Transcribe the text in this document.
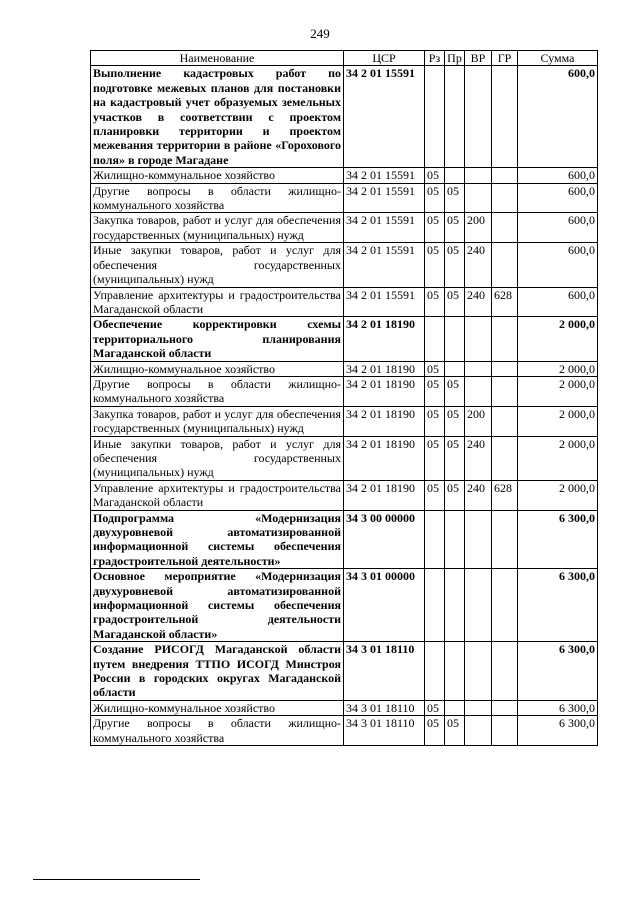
249
Наименование	ЦСР	Рз	Пр	ВР	ГР	Сумма
Выполнение кадастровых работ по подготовке межевых планов для постановки на кадастровый учет образуемых земельных участков в соответствии с проектом планировки территории и проектом межевания территории в районе «Горохового поля» в городе Магадане	34 2 01 15591					600,0
Жилищно-коммунальное хозяйство	34 2 01 15591	05				600,0
Другие вопросы в области жилищно-коммунального хозяйства	34 2 01 15591	05	05			600,0
Закупка товаров, работ и услуг для обеспечения государственных (муниципальных) нужд	34 2 01 15591	05	05	200		600,0
Иные закупки товаров, работ и услуг для обеспечения государственных (муниципальных) нужд	34 2 01 15591	05	05	240		600,0
Управление архитектуры и градостроительства Магаданской области	34 2 01 15591	05	05	240	628	600,0
Обеспечение корректировки схемы территориального планирования Магаданской области	34 2 01 18190					2 000,0
Жилищно-коммунальное хозяйство	34 2 01 18190	05				2 000,0
Другие вопросы в области жилищно-коммунального хозяйства	34 2 01 18190	05	05			2 000,0
Закупка товаров, работ и услуг для обеспечения государственных (муниципальных) нужд	34 2 01 18190	05	05	200		2 000,0
Иные закупки товаров, работ и услуг для обеспечения государственных (муниципальных) нужд	34 2 01 18190	05	05	240		2 000,0
Управление архитектуры и градостроительства Магаданской области	34 2 01 18190	05	05	240	628	2 000,0
Подпрограмма «Модернизация двухуровневой автоматизированной информационной системы обеспечения градостроительной деятельности»	34 3 00 00000					6 300,0
Основное мероприятие «Модернизация двухуровневой автоматизированной информационной системы обеспечения градостроительной деятельности Магаданской области»	34 3 01 00000					6 300,0
Создание РИСОГД Магаданской области путем внедрения ТТПО ИСОГД Минстроя России в городских округах Магаданской области	34 3 01 18110					6 300,0
Жилищно-коммунальное хозяйство	34 3 01 18110	05				6 300,0
Другие вопросы в области жилищно-коммунального хозяйства	34 3 01 18110	05	05			6 300,0
